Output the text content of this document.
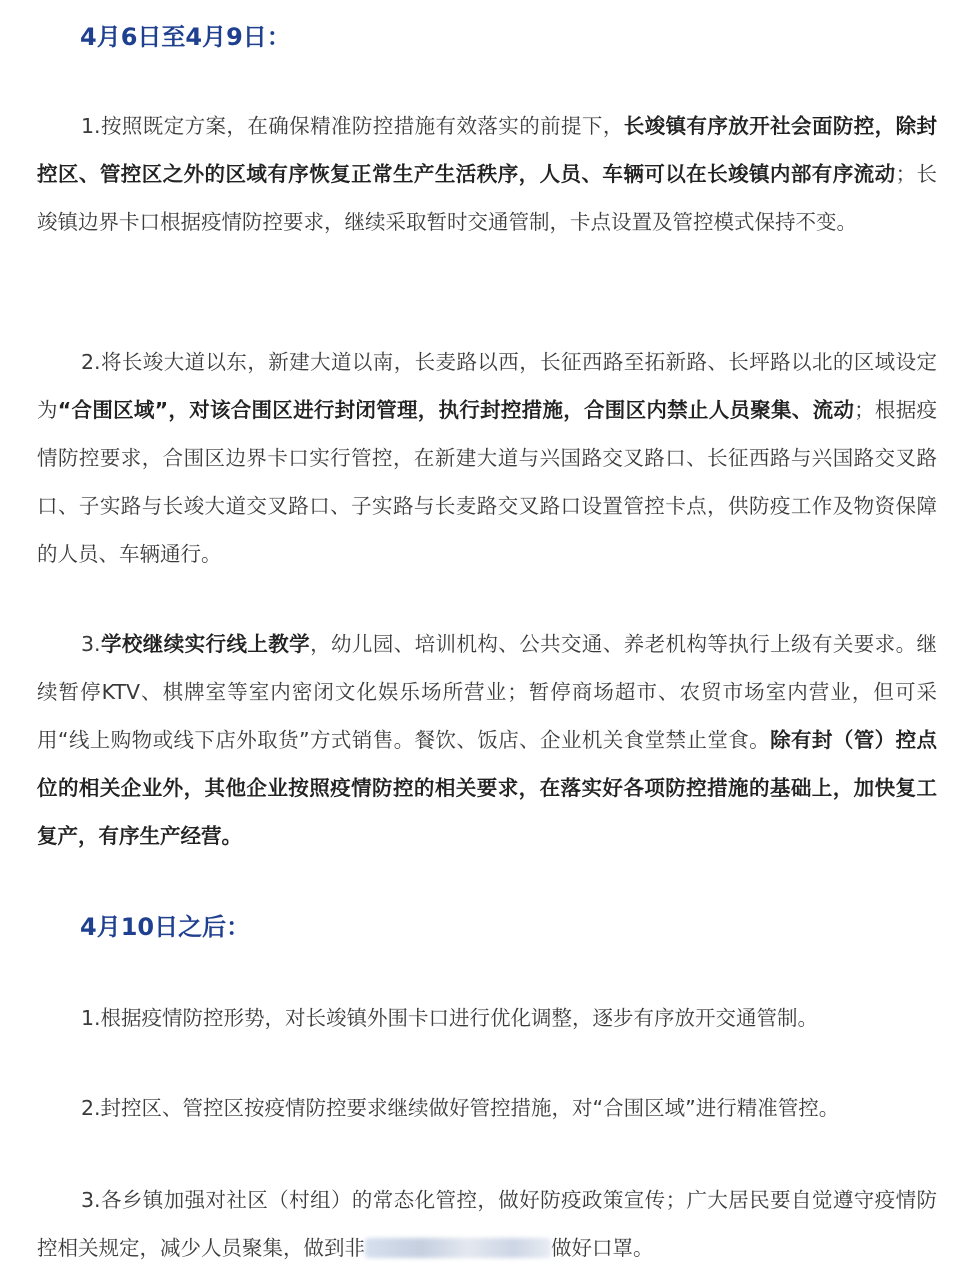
4月6日至4月9日：

1.按照既定方案，在确保精准防控措施有效落实的前提下，长竣镇有序放开社会面防控，除封控区、管控区之外的区域有序恢复正常生产生活秩序，人员、车辆可以在长竣镇内部有序流动；长竣镇边界卡口根据疫情防控要求，继续采取暂时交通管制，卡点设置及管控模式保持不变。

2.将长竣大道以东，新建大道以南，长麦路以西，长征西路至拓新路、长坪路以北的区域设定为“合围区域”，对该合围区进行封闭管理，执行封控措施，合围区内禁止人员聚集、流动；根据疫情防控要求，合围区边界卡口实行管控，在新建大道与兴国路交叉路口、长征西路与兴国路交叉路口、子实路与长竣大道交叉路口、子实路与长麦路交叉路口设置管控卡点，供防疫工作及物资保障的人员、车辆通行。

3.学校继续实行线上教学，幼儿园、培训机构、公共交通、养老机构等执行上级有关要求。继续暂停KTV、棋牌室等室内密闭文化娱乐场所营业；暂停商场超市、农贸市场室内营业，但可采用“线上购物或线下店外取货”方式销售。餐饮、饭店、企业机关食堂禁止堂食。除有封（管）控点位的相关企业外，其他企业按照疫情防控的相关要求，在落实好各项防控措施的基础上，加快复工复产，有序生产经营。

4月10日之后：

1.根据疫情防控形势，对长竣镇外围卡口进行优化调整，逐步有序放开交通管制。

2.封控区、管控区按疫情防控要求继续做好管控措施，对“合围区域”进行精准管控。

3.各乡镇加强对社区（村组）的常态化管控，做好防疫政策宣传；广大居民要自觉遵守疫情防控相关规定，减少人员聚集，做到非	做好口罩。
